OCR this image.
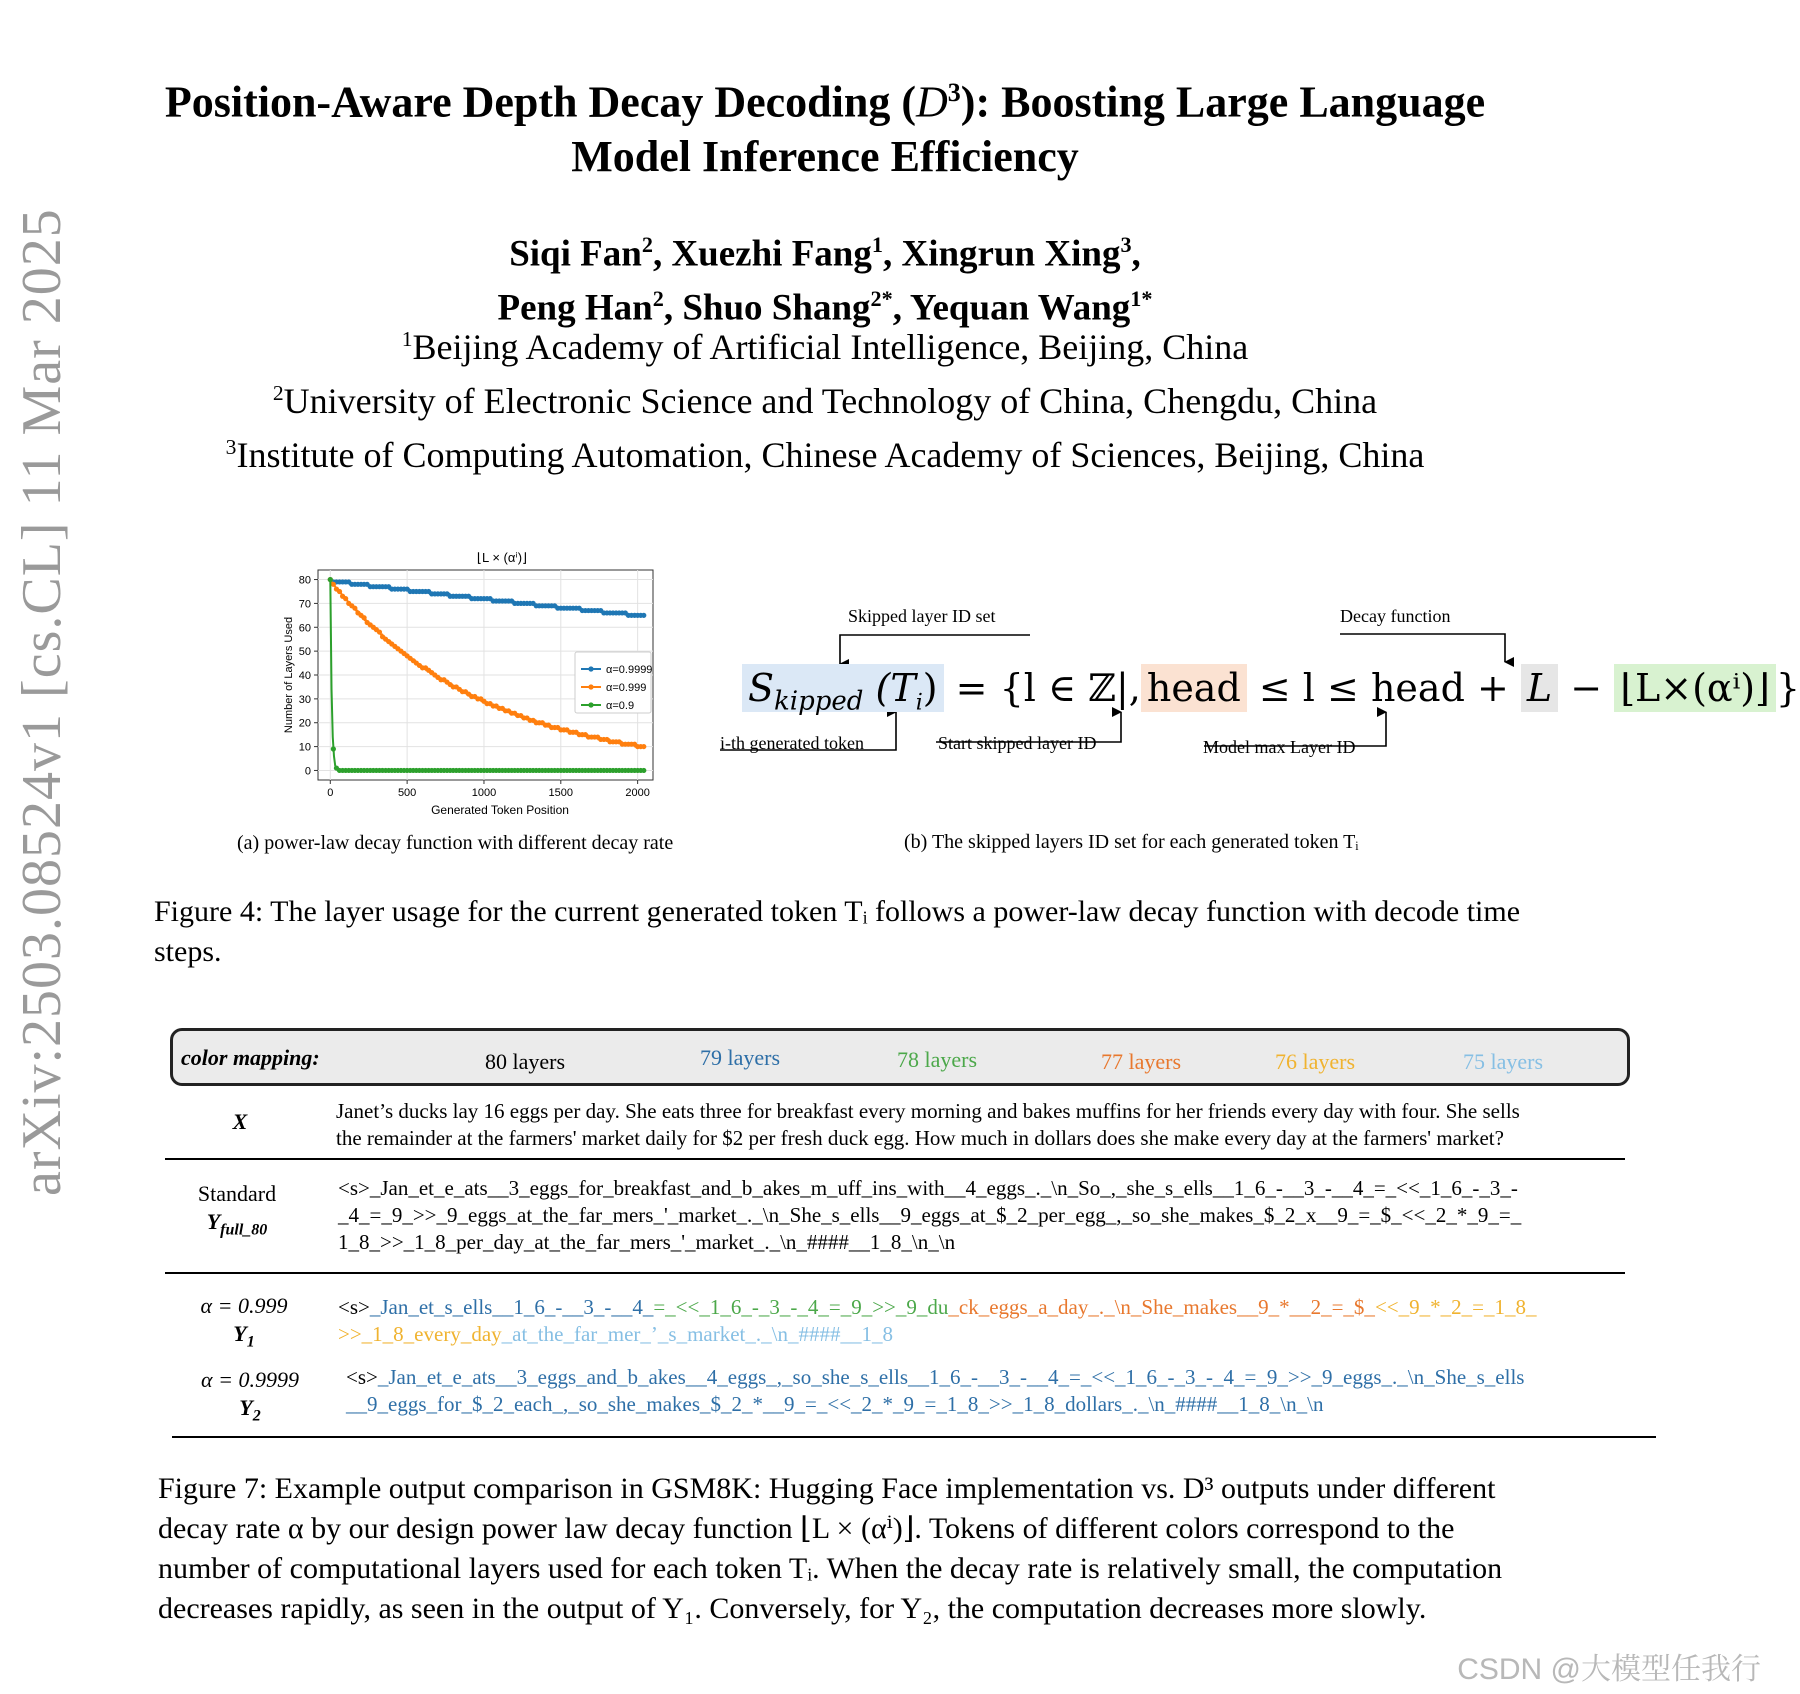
arXiv:2503.08524v1 [cs.CL] 11 Mar 2025
Position-Aware Depth Decay Decoding $(D^3)$: Boosting Large Language
Model Inference Efficiency
Siqi Fan$^2$, Xuezhi Fang$^1$, Xingrun Xing$^3$,
Peng Han$^2$, Shuo Shang$^{2*}$, Yequan Wang$^{1*}$
$^1$Beijing Academy of Artificial Intelligence, Beijing, China
$^2$University of Electronic Science and Technology of China, Chengdu, China
$^3$Institute of Computing Automation, Chinese Academy of Sciences, Beijing, China
⌊L × (αⁱ)⌋
0	500	1000	1500	2000
0
10
20
30
40
50
60
70
80
Generated Token Position
Number of Layers Used	α=0.9999
α=0.999
α=0.9
(a) power-law decay function with different decay rate
Skipped layer ID set	Decay function
$S_{kipped}$ $(T_i) = \{l$ ∈ ℤ|, head ≤ l ≤ head + L − ⌊L×(αⁱ)⌋ }
i-th generated token	Start skipped layer ID	Model max Layer ID
(b) The skipped layers ID set for each generated token Tᵢ
Figure 4: The layer usage for the current generated token Tᵢ follows a power-law decay function with decode time
steps.
color mapping:	80 layers	79 layers	78 layers	77 layers	76 layers	75 layers
X	Janet’s ducks lay 16 eggs per day. She eats three for breakfast every morning and bakes muffins for her friends every day with four. She sells
the remainder at the farmers' market daily for $2 per fresh duck egg. How much in dollars does she make every day at the farmers' market?
Standard
$Y_{full\_80}$
<s>_Jan_et_e_ats__3_eggs_for_breakfast_and_b_akes_m_uff_ins_with__4_eggs_._\n_So_,_she_s_ells__1_6_-__3_-__4_=_<<_1_6_-_3_-
_4_=_9_>>_9_eggs_at_the_far_mers_'_market_._\n_She_s_ells__9_eggs_at_$_2_per_egg_,_so_she_makes_$_2_x__9_=_$_<<_2_*_9_=_
1_8_>>_1_8_per_day_at_the_far_mers_'_market_._\n_####__1_8_\n_\n
α = 0.999
$Y_1$
<s>_Jan_et_s_ells__1_6_-__3_-__4_=_<<_1_6_-_3_-_4_=_9_>>_9_du_ck_eggs_a_day_._\n_She_makes__9_*__2_=_$_<<_9_*_2_=_1_8_
>>_1_8_every_day_at_the_far_mer_’_s_market_._\n_####__1_8
α = 0.9999
$Y_2$
<s>_Jan_et_e_ats__3_eggs_and_b_akes__4_eggs_,_so_she_s_ells__1_6_-__3_-__4_=_<<_1_6_-_3_-_4_=_9_>>_9_eggs_._\n_She_s_ells
__9_eggs_for_$_2_each_,_so_she_makes_$_2_*__9_=_<<_2_*_9_=_1_8_>>_1_8_dollars_._\n_####__1_8_\n_\n
Figure 7: Example output comparison in GSM8K: Hugging Face implementation vs. D³ outputs under different
decay rate α by our design power law decay function ⌊L × (αⁱ)⌋. Tokens of different colors correspond to the
number of computational layers used for each token Tᵢ. When the decay rate is relatively small, the computation
decreases rapidly, as seen in the output of Y₁. Conversely, for Y₂, the computation decreases more slowly.
CSDN @大模型任我行
